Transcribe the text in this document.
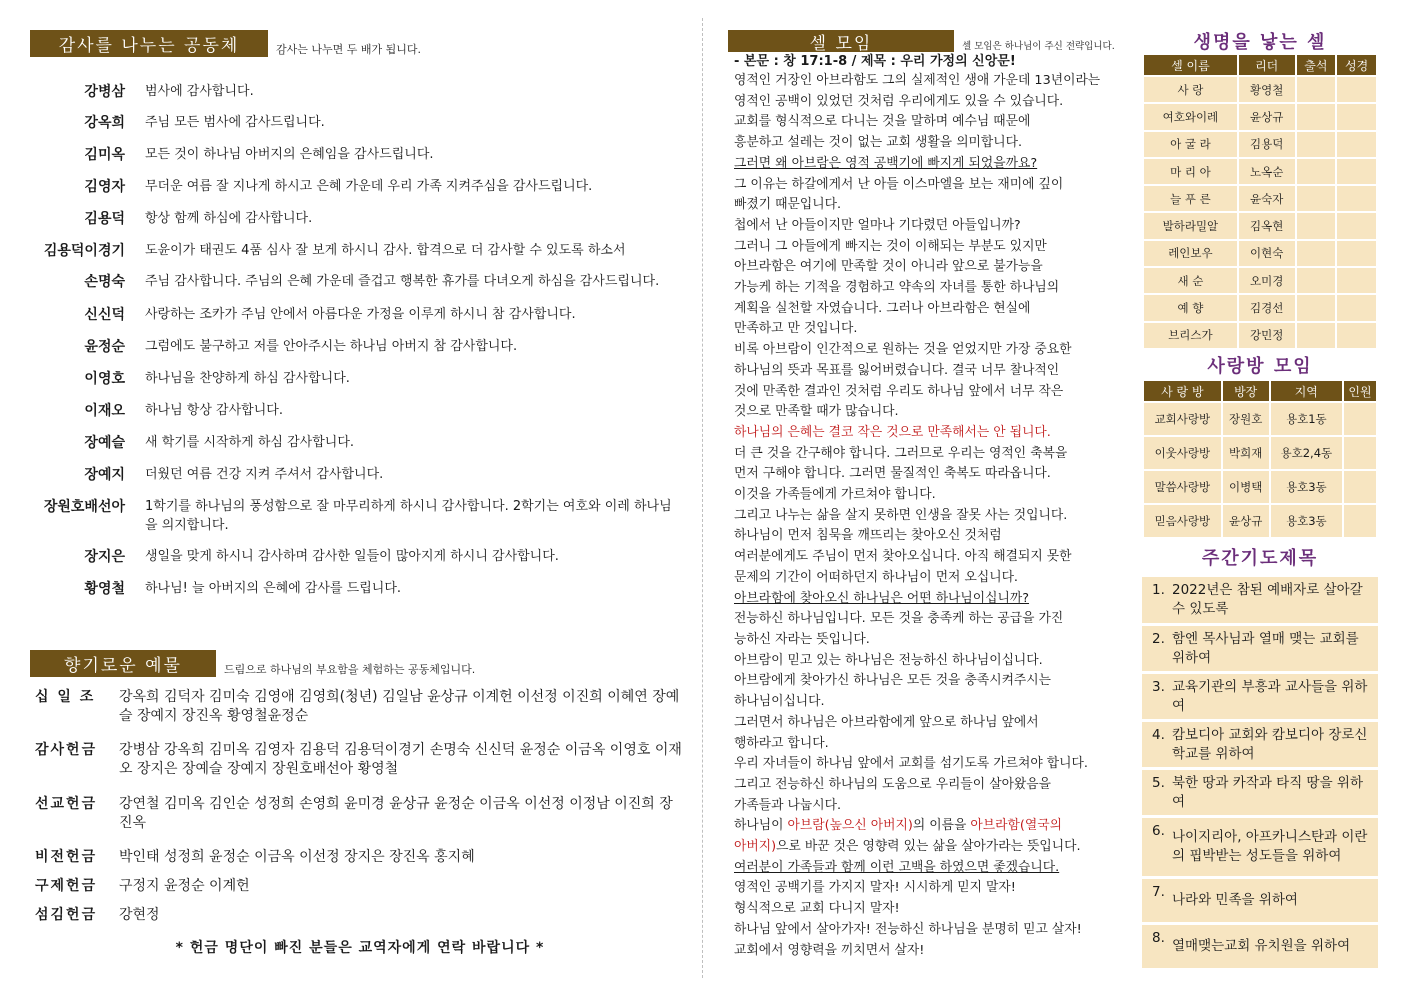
감사를 나누는 공동체	감사는 나누면 두 배가 됩니다.
강병삼 범사에 감사합니다.
강옥희 주님 모든 범사에 감사드립니다.
김미옥 모든 것이 하나님 아버지의 은혜임을 감사드립니다.
김영자 무더운 여름 잘 지나게 하시고 은혜 가운데 우리 가족 지켜주심을 감사드립니다.
김용덕 항상 함께 하심에 감사합니다.
김용덕이경기 도윤이가 태권도 4품 심사 잘 보게 하시니 감사. 합격으로 더 감사할 수 있도록 하소서
손명숙 주님 감사합니다. 주님의 은혜 가운데 즐겁고 행복한 휴가를 다녀오게 하심을 감사드립니다.
신신덕 사랑하는 조카가 주님 안에서 아름다운 가정을 이루게 하시니 참 감사합니다.
윤정순 그럼에도 불구하고 저를 안아주시는 하나님 아버지 참 감사합니다.
이영호 하나님을 찬양하게 하심 감사합니다.
이재오 하나님 항상 감사합니다.
장예슬 새 학기를 시작하게 하심 감사합니다.
장예지 더웠던 여름 건강 지켜 주셔서 감사합니다.
장원호배선아 1학기를 하나님의 풍성함으로 잘 마무리하게 하시니 감사합니다. 2학기는 여호와 이레 하나님을 의지합니다.
장지은 생일을 맞게 하시니 감사하며 감사한 일들이 많아지게 하시니 감사합니다.
황영철 하나님! 늘 아버지의 은혜에 감사를 드립니다.
향기로운 예물	드림으로 하나님의 부요함을 체험하는 공동체입니다.
십 일 조	강옥희 김덕자 김미숙 김영애 김영희(청년) 김일남 윤상규 이계헌 이선정 이진희 이혜연 장예슬 장예지 장진옥 황영철윤정순
감사헌금	강병삼 강옥희 김미옥 김영자 김용덕 김용덕이경기 손명숙 신신덕 윤정순 이금옥 이영호 이재오 장지은 장예슬 장예지 장원호배선아 황영철
선교헌금	강연철 김미옥 김인순 성정희 손영희 윤미경 윤상규 윤정순 이금옥 이선정 이정남 이진희 장진옥
비전헌금	박인태 성정희 윤정순 이금옥 이선정 장지은 장진옥 홍지혜
구제헌금	구정지 윤정순 이계헌
섬김헌금	강현정
* 헌금 명단이 빠진 분들은 교역자에게 연락 바랍니다 *
셀 모임	셀 모임은 하나님이 주신 전략입니다.
- 본문 : 창 17:1-8 / 제목 : 우리 가정의 신앙문!
영적인 거장인 아브라함도 그의 실제적인 생애 가운데 13년이라는
영적인 공백이 있었던 것처럼 우리에게도 있을 수 있습니다.
교회를 형식적으로 다니는 것을 말하며 예수님 때문에
흥분하고 설레는 것이 없는 교회 생활을 의미합니다.
그러면 왜 아브람은 영적 공백기에 빠지게 되었을까요?
그 이유는 하갈에게서 난 아들 이스마엘을 보는 재미에 깊이
빠졌기 때문입니다.
첩에서 난 아들이지만 얼마나 기다렸던 아들입니까?
그러니 그 아들에게 빠지는 것이 이해되는 부분도 있지만
아브라함은 여기에 만족할 것이 아니라 앞으로 불가능을
가능케 하는 기적을 경험하고 약속의 자녀를 통한 하나님의
계획을 실천할 자였습니다. 그러나 아브라함은 현실에
만족하고 만 것입니다.
비록 아브람이 인간적으로 원하는 것을 얻었지만 가장 중요한
하나님의 뜻과 목표를 잃어버렸습니다. 결국 너무 찰나적인
것에 만족한 결과인 것처럼 우리도 하나님 앞에서 너무 작은
것으로 만족할 때가 많습니다.
하나님의 은혜는 결코 작은 것으로 만족해서는 안 됩니다.
더 큰 것을 간구해야 합니다. 그러므로 우리는 영적인 축복을
먼저 구해야 합니다. 그러면 물질적인 축복도 따라옵니다.
이것을 가족들에게 가르쳐야 합니다.
그리고 나누는 삶을 살지 못하면 인생을 잘못 사는 것입니다.
하나님이 먼저 침묵을 깨뜨리는 찾아오신 것처럼
여러분에게도 주님이 먼저 찾아오십니다. 아직 해결되지 못한
문제의 기간이 어떠하던지 하나님이 먼저 오십니다.
아브라함에 찾아오신 하나님은 어떤 하나님이십니까?
전능하신 하나님입니다. 모든 것을 충족케 하는 공급을 가진
능하신 자라는 뜻입니다.
아브람이 믿고 있는 하나님은 전능하신 하나님이십니다.
아브람에게 찾아가신 하나님은 모든 것을 충족시켜주시는
하나님이십니다.
그러면서 하나님은 아브라함에게 앞으로 하나님 앞에서
행하라고 합니다.
우리 자녀들이 하나님 앞에서 교회를 섬기도록 가르쳐야 합니다.
그리고 전능하신 하나님의 도움으로 우리들이 살아왔음을
가족들과 나눕시다.
하나님이 아브람(높으신 아버지)의 이름을 아브라함(열국의
아버지)으로 바꾼 것은 영향력 있는 삶을 살아가라는 뜻입니다.
여러분이 가족들과 함께 이런 고백을 하였으면 좋겠습니다.
영적인 공백기를 가지지 말자! 시시하게 믿지 말자!
형식적으로 교회 다니지 말자!
하나님 앞에서 살아가자! 전능하신 하나님을 분명히 믿고 살자!
교회에서 영향력을 끼치면서 살자!
생명을 낳는 셀
셀 이름	리더	출석	성경
사 랑	황영철		
여호와이레	윤상규		
아 굴 라	김용덕		
마 리 아	노옥순		
늘 푸 른	윤숙자		
발하라밀알	김옥현		
레인보우	이현숙		
새 순	오미경		
예 향	김경선		
브리스가	강민정		
사랑방 모임
사 랑 방	방장	지역	인원
교회사랑방	장원호	용호1동	
이웃사랑방	박희재	용호2,4동	
말씀사랑방	이병택	용호3동	
믿음사랑방	윤상규	용호3동	
주간기도제목
1. 2022년은 참된 예배자로 살아갈 수 있도록
2. 함엔 목사님과 열매 맺는 교회를 위하여
3. 교육기관의 부흥과 교사들을 위하여
4. 캄보디아 교회와 캄보디아 장로신학교를 위하여
5. 북한 땅과 카작과 타직 땅을 위하여
6. 나이지리아, 아프카니스탄과 이란의 핍박받는 성도들을 위하여
7. 나라와 민족을 위하여
8. 열매맺는교회 유치원을 위하여
